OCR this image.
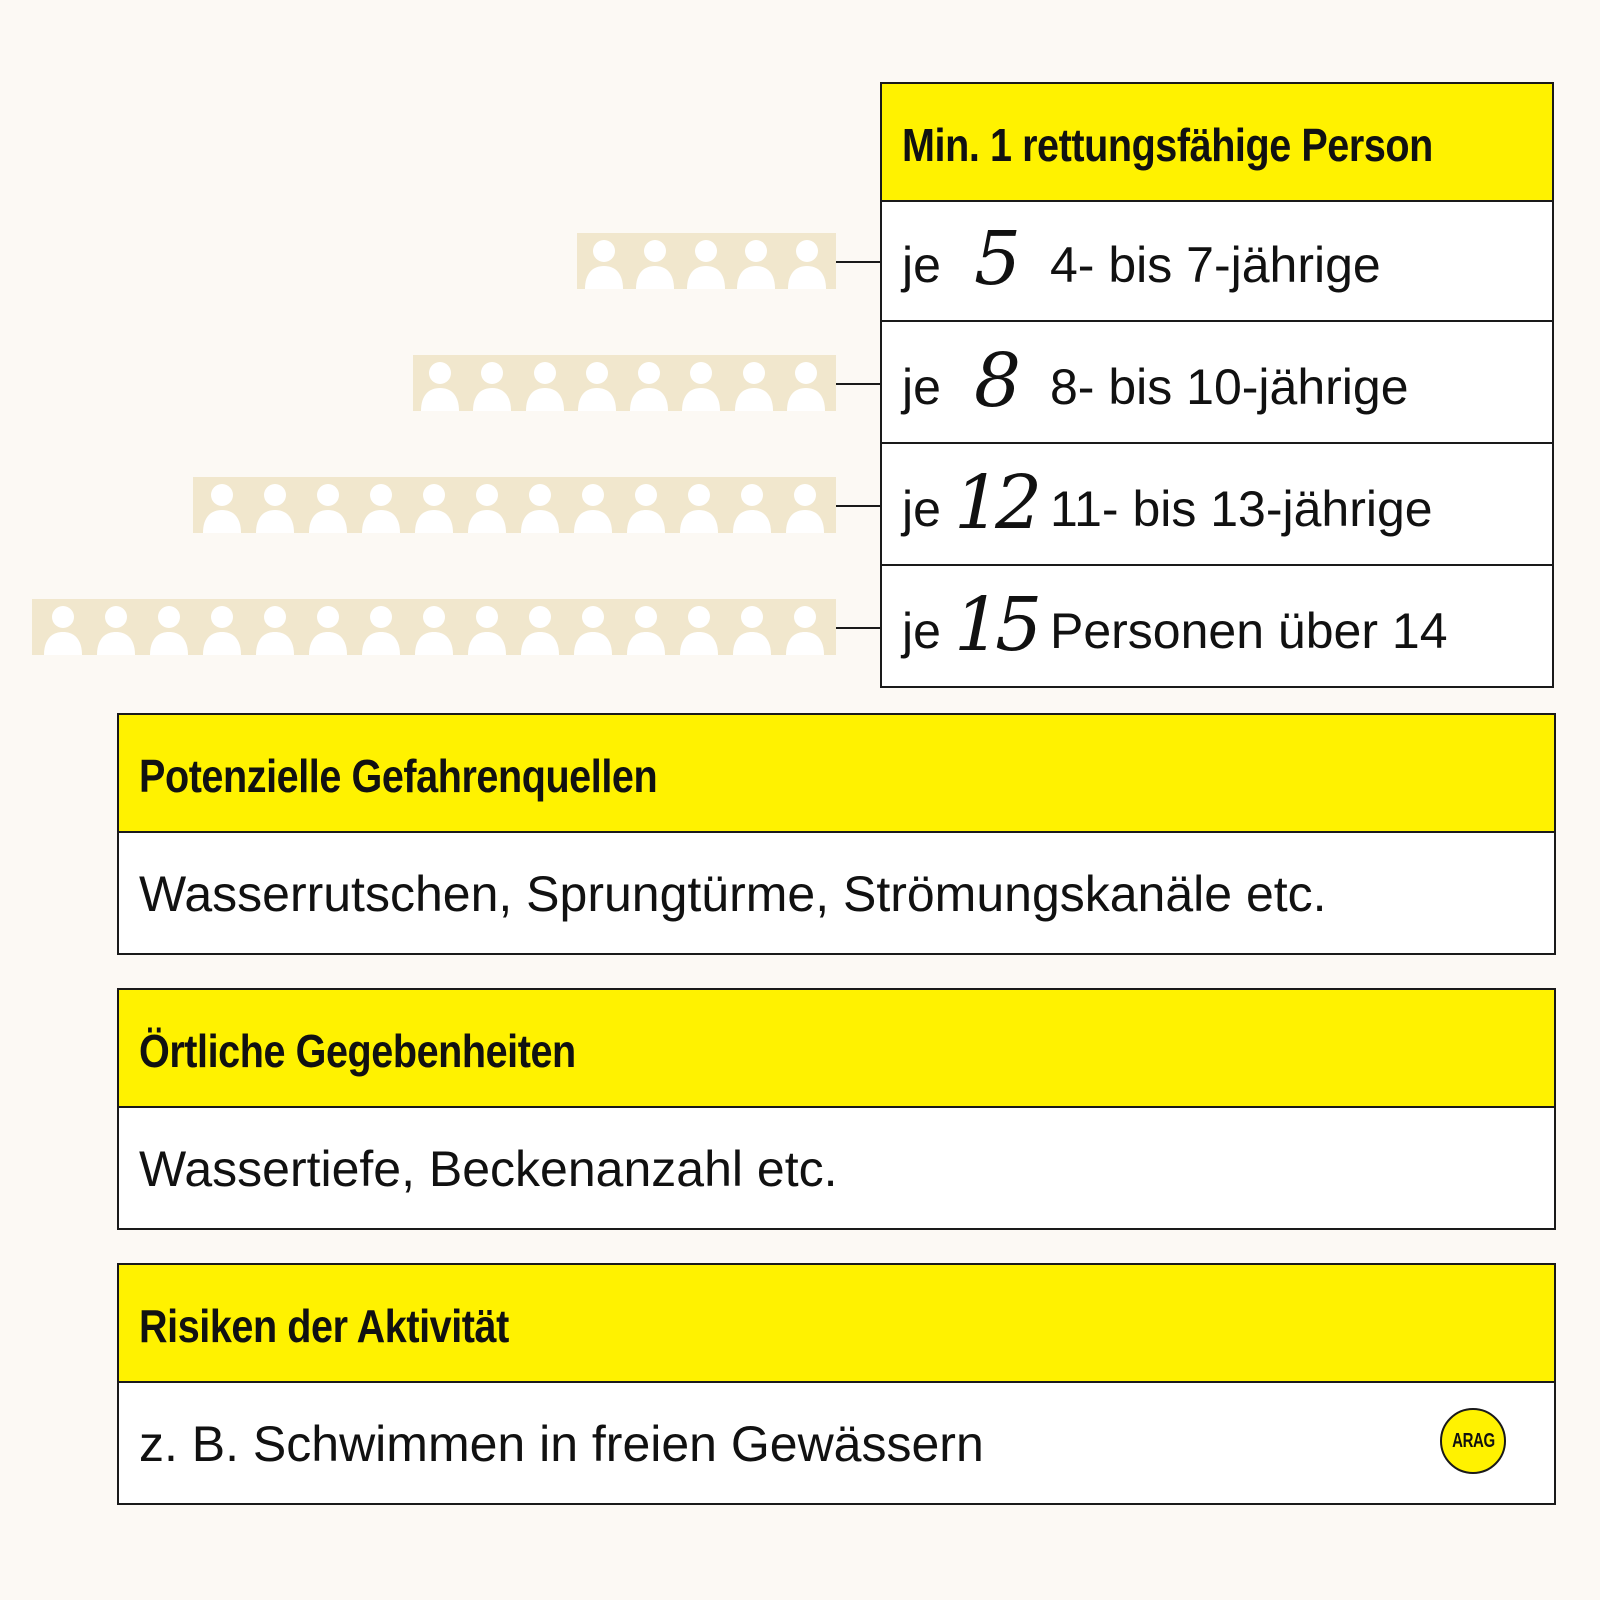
Min. 1 rettungsfähige Person
je 5 4- bis 7-jährige
je 8 8- bis 10-jährige
je 12 11- bis 13-jährige
je 15 Personen über 14
Potenzielle Gefahrenquellen
Wasserrutschen, Sprungtürme, Strömungskanäle etc.
Örtliche Gegebenheiten
Wassertiefe, Beckenanzahl etc.
Risiken der Aktivität
z. B. Schwimmen in freien Gewässern	ARAG
